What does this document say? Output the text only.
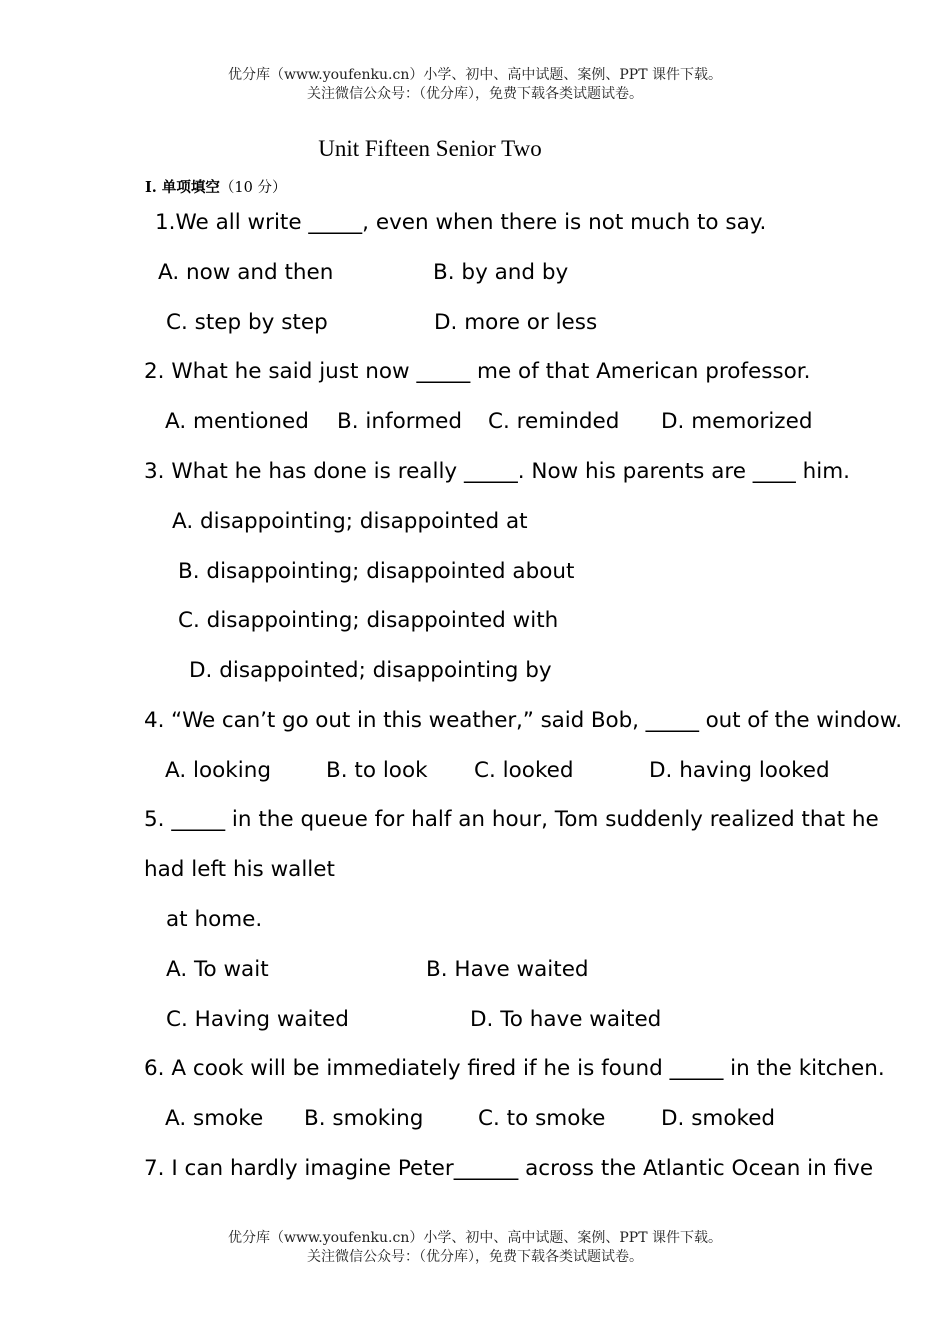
优分库（www.youfenku.cn）小学、初中、高中试题、案例、PPT 课件下载。
关注微信公众号：（优分库），免费下载各类试题试卷。
Unit Fifteen Senior Two
I. 单项填空（10 分）
1.We all write _____, even when there is not much to say.
A. now and then	B. by and by
C. step by step	D. more or less
2. What he said just now _____ me of that American professor.
A. mentioned B. informed C. reminded D. memorized
3. What he has done is really _____. Now his parents are ____ him.
A. disappointing; disappointed at
B. disappointing; disappointed about
C. disappointing; disappointed with
D. disappointed; disappointing by
4. “We can’t go out in this weather,” said Bob, _____ out of the window.
A. looking	B. to look C. looked	D. having looked
5. _____ in the queue for half an hour, Tom suddenly realized that he
had left his wallet
at home.
A. To wait	B. Have waited
C. Having waited	D. To have waited
6. A cook will be immediately fired if he is found _____ in the kitchen.
A. smoke B. smoking	C. to smoke	D. smoked
7. I can hardly imagine Peter______ across the Atlantic Ocean in five
优分库（www.youfenku.cn）小学、初中、高中试题、案例、PPT 课件下载。
关注微信公众号：（优分库），免费下载各类试题试卷。
